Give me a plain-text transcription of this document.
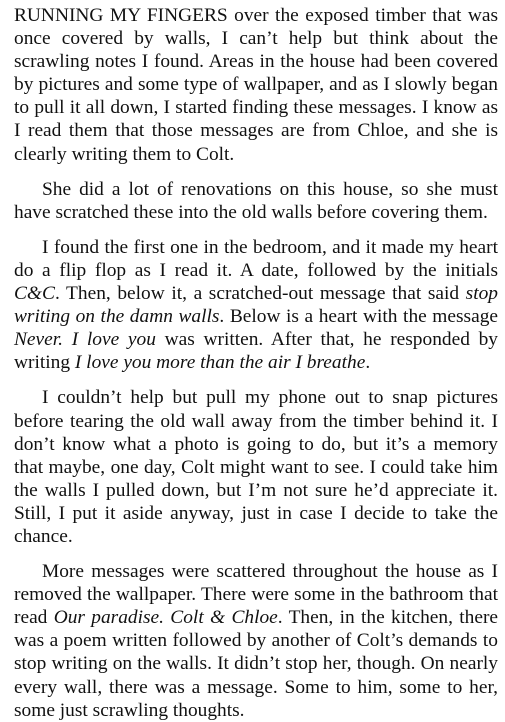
RUNNING MY FINGERS over the exposed timber that was once covered by walls, I can’t help but think about the scrawling notes I found. Areas in the house had been covered by pictures and some type of wallpaper, and as I slowly began to pull it all down, I started finding these messages. I know as I read them that those messages are from Chloe, and she is clearly writing them to Colt.

She did a lot of renovations on this house, so she must have scratched these into the old walls before covering them.

I found the first one in the bedroom, and it made my heart do a flip flop as I read it. A date, followed by the initials C&C. Then, below it, a scratched-out message that said stop writing on the damn walls. Below is a heart with the message Never. I love you was written. After that, he responded by writing I love you more than the air I breathe.

I couldn’t help but pull my phone out to snap pictures before tearing the old wall away from the timber behind it. I don’t know what a photo is going to do, but it’s a memory that maybe, one day, Colt might want to see. I could take him the walls I pulled down, but I’m not sure he’d appreciate it. Still, I put it aside anyway, just in case I decide to take the chance.

More messages were scattered throughout the house as I removed the wallpaper. There were some in the bathroom that read Our paradise. Colt & Chloe. Then, in the kitchen, there was a poem written followed by another of Colt’s demands to stop writing on the walls. It didn’t stop her, though. On nearly every wall, there was a message. Some to him, some to her, some just scrawling thoughts.
